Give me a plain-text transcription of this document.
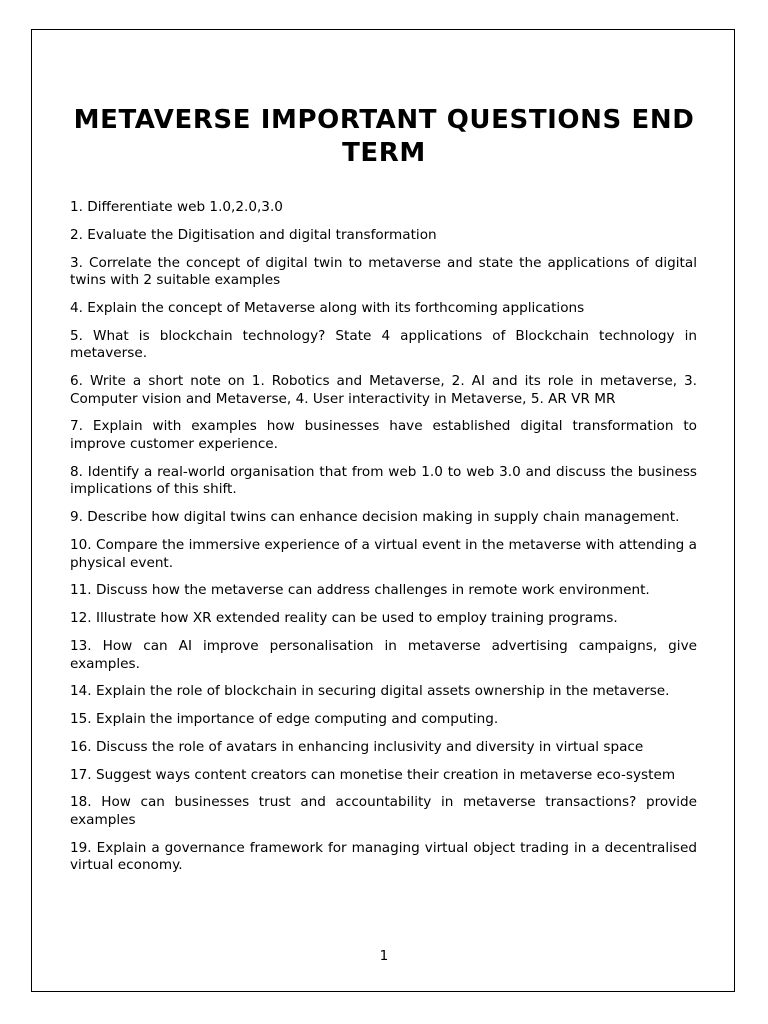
METAVERSE IMPORTANT QUESTIONS END TERM
1. Differentiate web 1.0,2.0,3.0
2. Evaluate the Digitisation and digital transformation
3. Correlate the concept of digital twin to metaverse and state the applications of digital twins with 2 suitable examples
4. Explain the concept of Metaverse along with its forthcoming applications
5. What is blockchain technology? State 4 applications of Blockchain technology in metaverse.
6. Write a short note on 1. Robotics and Metaverse, 2. AI and its role in metaverse, 3. Computer vision and Metaverse, 4. User interactivity in Metaverse, 5. AR VR MR
7. Explain with examples how businesses have established digital transformation to improve customer experience.
8. Identify a real-world organisation that from web 1.0 to web 3.0 and discuss the business implications of this shift.
9. Describe how digital twins can enhance decision making in supply chain management.
10. Compare the immersive experience of a virtual event in the metaverse with attending a physical event.
11. Discuss how the metaverse can address challenges in remote work environment.
12. Illustrate how XR extended reality can be used to employ training programs.
13. How can AI improve personalisation in metaverse advertising campaigns, give examples.
14. Explain the role of blockchain in securing digital assets ownership in the metaverse.
15. Explain the importance of edge computing and computing.
16. Discuss the role of avatars in enhancing inclusivity and diversity in virtual space
17. Suggest ways content creators can monetise their creation in metaverse eco-system
18. How can businesses trust and accountability in metaverse transactions? provide examples
19. Explain a governance framework for managing virtual object trading in a decentralised virtual economy.
1
